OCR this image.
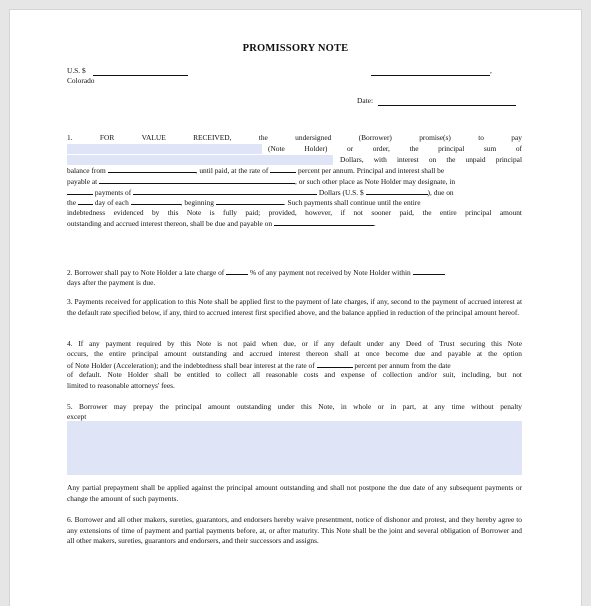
PROMISSORY NOTE
U.S. $
Colorado
,
Date:
1.	FOR	VALUE	RECEIVED,	the	undersigned	(Borrower)	promise(s)	to	pay
(Note	Holder)	or	order,	the	principal	sum	of
Dollars, with interest on the unpaid principal
balance from	, until paid, at the rate of	percent per annum. Principal and interest shall be
payable at	, or such other place as Note Holder may designate, in
payments of	Dollars (U.S. $	), due on
the	day of each	, beginning	. Such payments shall continue until the entire
indebtedness evidenced by this Note is fully paid; provided, however, if not sooner paid, the entire principal amount
outstanding and accrued interest thereon, shall be due and payable on	.
2. Borrower shall pay to Note Holder a late charge of	% of any payment not received by Note Holder within
days after the payment is due.
3. Payments received for application to this Note shall be applied first to the payment of late charges, if any, second to the payment of accrued interest at the default rate specified below, if any, third to accrued interest first specified above, and the balance applied in reduction of the principal amount hereof.
4. If any payment required by this Note is not paid when due, or if any default under any Deed of Trust securing this Note
occurs, the entire principal amount outstanding and accrued interest thereon shall at once become due and payable at the option
of Note Holder (Acceleration); and the indebtedness shall bear interest at the rate of	percent per annum from the date
of default. Note Holder shall be entitled to collect all reasonable costs and expense of collection and/or suit, including, but not
limited to reasonable attorneys' fees.
5. Borrower may prepay the principal amount outstanding under this Note, in whole or in part, at any time without penalty
except
Any partial prepayment shall be applied against the principal amount outstanding and shall not postpone the due date of any subsequent payments or change the amount of such payments.
6. Borrower and all other makers, sureties, guarantors, and endorsers hereby waive presentment, notice of dishonor and protest, and they hereby agree to any extensions of time of payment and partial payments before, at, or after maturity. This Note shall be the joint and several obligation of Borrower and all other makers, sureties, guarantors and endorsers, and their successors and assigns.
